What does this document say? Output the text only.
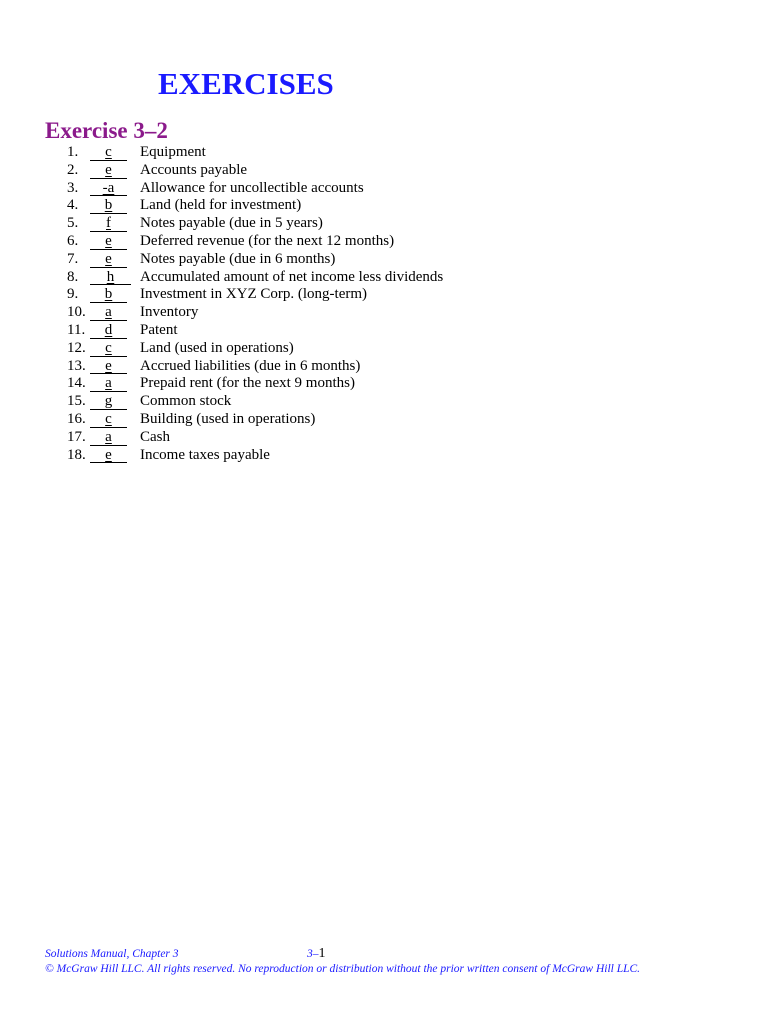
EXERCISES
Exercise 3–2
1.	c	Equipment
2.	e	Accounts payable
3.	-a	Allowance for uncollectible accounts
4.	b	Land (held for investment)
5.	f	Notes payable (due in 5 years)
6.	e	Deferred revenue (for the next 12 months)
7.	e	Notes payable (due in 6 months)
8.	h	Accumulated amount of net income less dividends
9.	b	Investment in XYZ Corp. (long-term)
10.	a	Inventory
11.	d	Patent
12.	c	Land (used in operations)
13.	e	Accrued liabilities (due in 6 months)
14.	a	Prepaid rent (for the next 9 months)
15.	g	Common stock
16.	c	Building (used in operations)
17.	a	Cash
18.	e	Income taxes payable
Solutions Manual, Chapter 3	3–1
© McGraw Hill LLC. All rights reserved. No reproduction or distribution without the prior written consent of McGraw Hill LLC.
